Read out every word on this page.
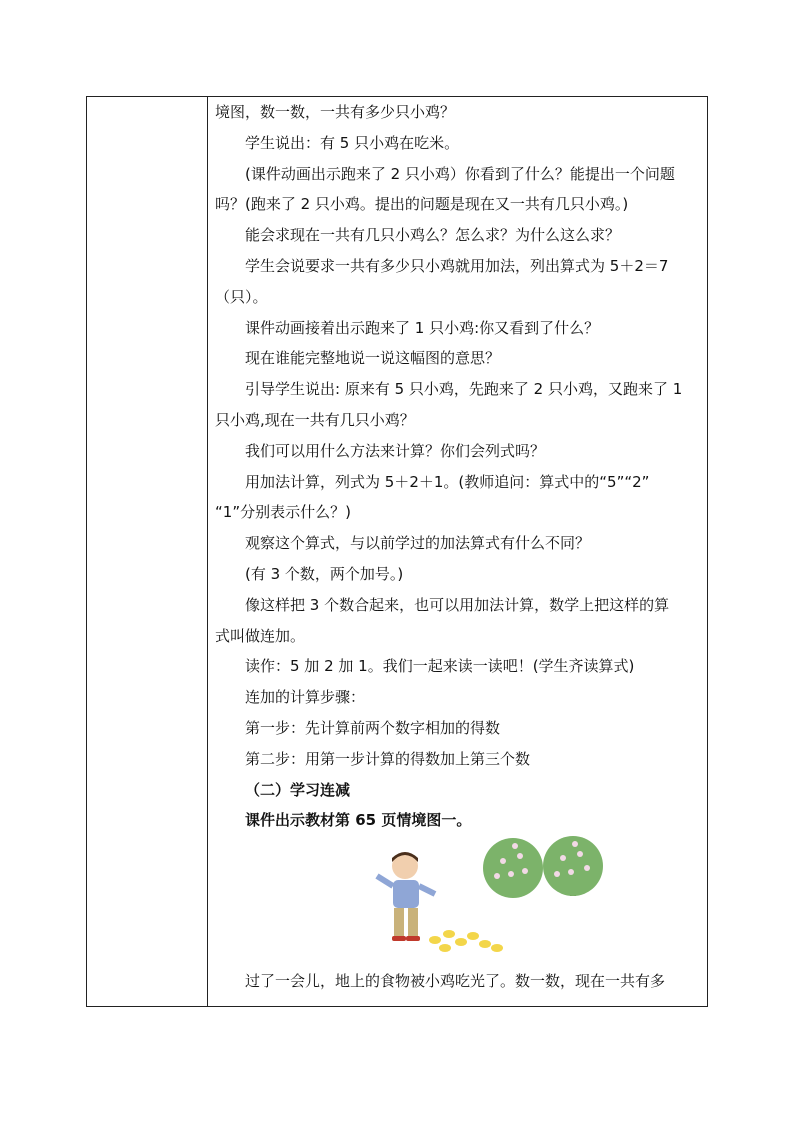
境图，数一数，一共有多少只小鸡？
学生说出：有 5 只小鸡在吃米。
(课件动画出示跑来了 2 只小鸡）你看到了什么？能提出一个问题
吗？(跑来了 2 只小鸡。提出的问题是现在又一共有几只小鸡。)
能会求现在一共有几只小鸡么？怎么求？为什么这么求？
学生会说要求一共有多少只小鸡就用加法，列出算式为 5＋2＝7
（只）。
课件动画接着出示跑来了 1 只小鸡:你又看到了什么？
现在谁能完整地说一说这幅图的意思？
引导学生说出: 原来有 5 只小鸡，先跑来了 2 只小鸡，又跑来了 1
只小鸡,现在一共有几只小鸡？
我们可以用什么方法来计算？你们会列式吗？
用加法计算，列式为 5＋2＋1。(教师追问：算式中的“5”“2”
“1”分别表示什么？)
观察这个算式，与以前学过的加法算式有什么不同？
(有 3 个数，两个加号。)
像这样把 3 个数合起来，也可以用加法计算，数学上把这样的算
式叫做连加。
读作：5 加 2 加 1。我们一起来读一读吧！(学生齐读算式)
连加的计算步骤：
第一步：先计算前两个数字相加的得数
第二步：用第一步计算的得数加上第三个数
（二）学习连减
课件出示教材第 65 页情境图一。
过了一会儿，地上的食物被小鸡吃光了。数一数，现在一共有多
